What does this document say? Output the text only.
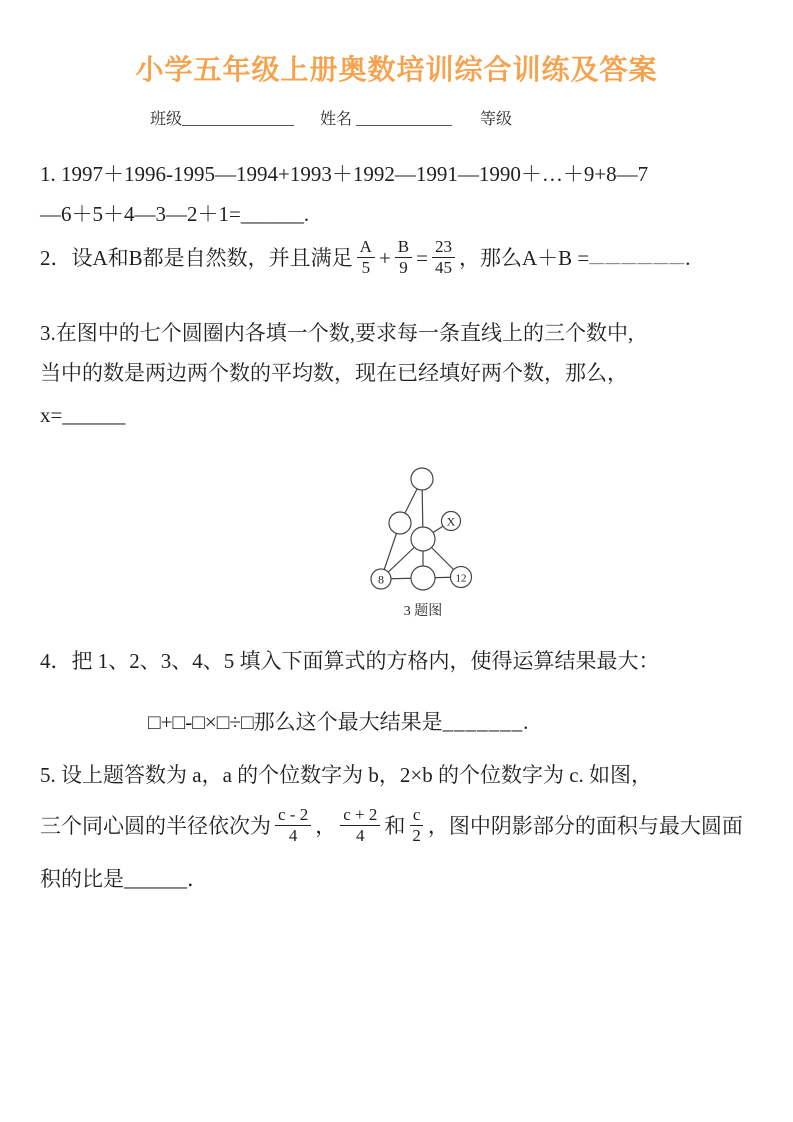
小学五年级上册奥数培训综合训练及答案
班级______________ 姓名 ____________ 等级
1. 1997＋1996-1995—1994+1993＋1992—1991—1990＋…＋9+8—7
—6＋5＋4—3—2＋1=______.
2．设A和B都是自然数，并且满足 $\frac{A}{5} + \frac{B}{9} = \frac{23}{45}$ ，那么A＋B = ＿＿＿＿＿＿ .
3.在图中的七个圆圈内各填一个数,要求每一条直线上的三个数中,
当中的数是两边两个数的平均数，现在已经填好两个数，那么，
x=______
X
8	12
3 题图
4．把 1、2、3、4、5 填入下面算式的方格内，使得运算结果最大：
□+□-□×□÷□那么这个最大结果是_______.
5. 设上题答数为 a，a 的个位数字为 b，2×b 的个位数字为 c. 如图，
三个同心圆的半径依次为 $\frac{c - 2}{4}$ ， $\frac{c + 2}{4}$ 和 $\frac{c}{2}$ ，图中阴影部分的面积与最大圆面
积的比是______．
